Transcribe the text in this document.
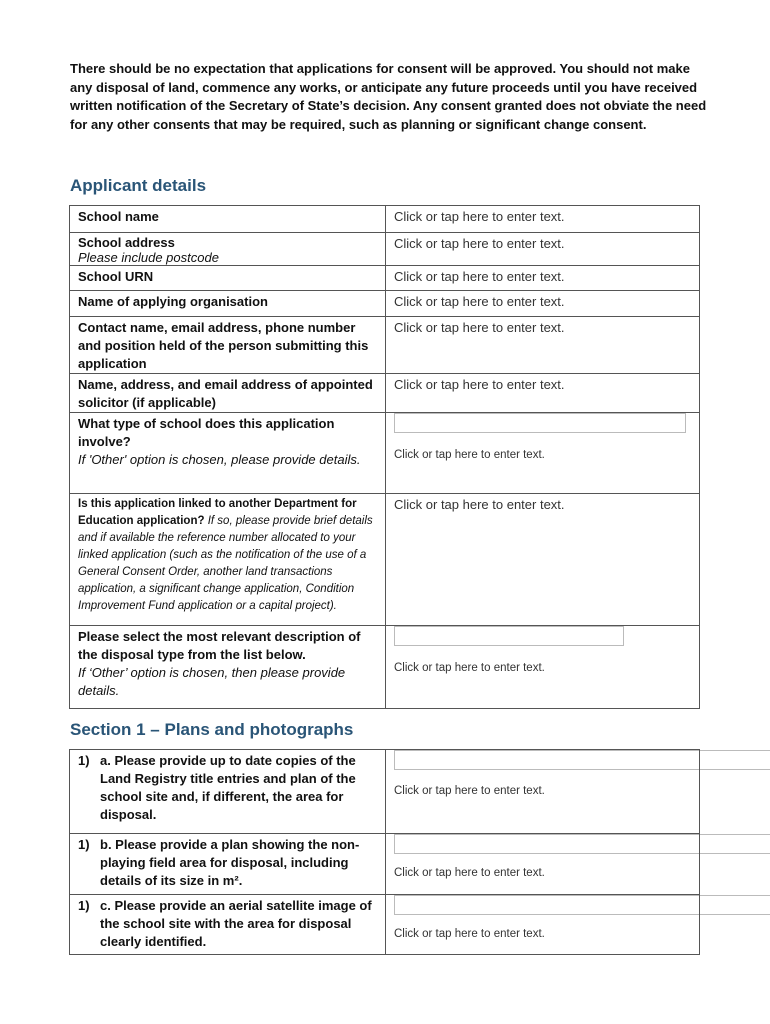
There should be no expectation that applications for consent will be approved. You should not make any disposal of land, commence any works, or anticipate any future proceeds until you have received written notification of the Secretary of State’s decision. Any consent granted does not obviate the need for any other consents that may be required, such as planning or significant change consent.
Applicant details
School name	Click or tap here to enter text.
School address
Please include postcode	Click or tap here to enter text.
School URN	Click or tap here to enter text.
Name of applying organisation	Click or tap here to enter text.
Contact name, email address, phone number and position held of the person submitting this application	Click or tap here to enter text.
Name, address, and email address of appointed solicitor (if applicable)	Click or tap here to enter text.
What type of school does this application involve?
If 'Other' option is chosen, please provide details.	Click or tap here to enter text.

Is this application linked to another Department for Education application? If so, please provide brief details and if available the reference number allocated to your linked application (such as the notification of the use of a General Consent Order, another land transactions application, a significant change application, Condition Improvement Fund application or a capital project).	Click or tap here to enter text.
Please select the most relevant description of the disposal type from the list below.
If ‘Other’ option is chosen, then please provide details.	Click or tap here to enter text.
Section 1 – Plans and photographs
1) a. Please provide up to date copies of the Land Registry title entries and plan of the school site and, if different, the area for disposal.	Click or tap here to enter text.

1) b. Please provide a plan showing the non-playing field area for disposal, including details of its size in m².	Click or tap here to enter text.

1) c. Please provide an aerial satellite image of the school site with the area for disposal clearly identified.	Click or tap here to enter text.
